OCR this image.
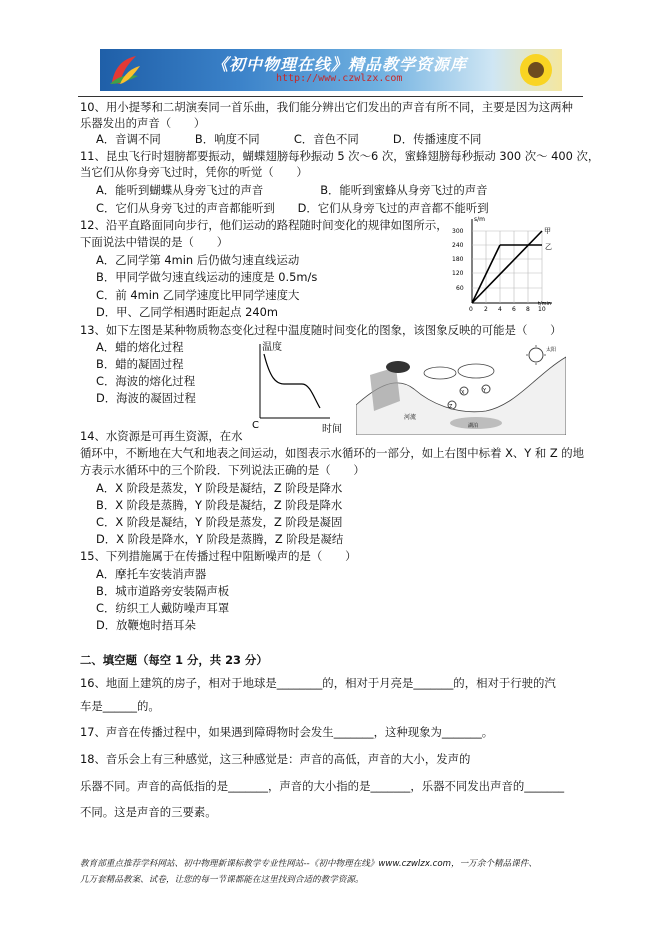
《初中物理在线》精品教学资源库
http://www.czwlzx.com
10、用小提琴和二胡演奏同一首乐曲，我们能分辨出它们发出的声音有所不同，主要是因为这两种
乐器发出的声音（　　）
A．音调不同　　　B．响度不同　　　C．音色不同　　　D．传播速度不同
11、昆虫飞行时翅膀都要振动，蝴蝶翅膀每秒振动 5 次～6 次，蜜蜂翅膀每秒振动 300 次～ 400 次，
当它们从你身旁飞过时，凭你的听觉（　　）
A．能听到蝴蝶从身旁飞过的声音　　　　　B．能听到蜜蜂从身旁飞过的声音
C．它们从身旁飞过的声音都能听到　　D．它们从身旁飞过的声音都不能听到
12、沿平直路面同向步行，他们运动的路程随时间变化的规律如图所示，
下面说法中错误的是（　　）
A．乙同学第 4min 后仍做匀速直线运动
B．甲同学做匀速直线运动的速度是 0.5m/s
C．前 4min 乙同学速度比甲同学速度大
D．甲、乙同学相遇时距起点 240m
s/m
300
240
180
120
60
0 2 4 6 8 10
t/min
甲
乙
13、如下左图是某种物质物态变化过程中温度随时间变化的图象，该图象反映的可能是（　　）
A．蜡的熔化过程
B．蜡的凝固过程
C．海波的熔化过程
D．海波的凝固过程
温度
C	时间
X	Y
Z
太阳
河流
湖泊
14、水资源是可再生资源，在水
循环中，不断地在大气和地表之间运动，如图表示水循环的一部分，如上右图中标着 X、Y 和 Z 的地
方表示水循环中的三个阶段．下列说法正确的是（　　）
A．X 阶段是蒸发，Y 阶段是凝结，Z 阶段是降水
B．X 阶段是蒸腾，Y 阶段是凝结，Z 阶段是降水
C．X 阶段是凝结，Y 阶段是蒸发，Z 阶段是凝固
D．X 阶段是降水，Y 阶段是蒸腾，Z 阶段是凝结
15、下列措施属于在传播过程中阻断噪声的是（　　）
A．摩托车安装消声器
B．城市道路旁安装隔声板
C．纺织工人戴防噪声耳罩
D．放鞭炮时捂耳朵
二、填空题（每空 1 分，共 23 分）
16、地面上建筑的房子，相对于地球是________的，相对于月亮是_______的，相对于行驶的汽
车是______的。
17、声音在传播过程中，如果遇到障碍物时会发生_______，这种现象为_______。
18、音乐会上有三种感觉，这三种感觉是：声音的高低，声音的大小，发声的
乐器不同。声音的高低指的是_______，声音的大小指的是_______，乐器不同发出声音的_______
不同。这是声音的三要素。
教育部重点推荐学科网站、初中物理新课标教学专业性网站--《初中物理在线》www.czwlzx.com，一万余个精品课件、
几万套精品教案、试卷，让您的每一节课都能在这里找到合适的教学资源。
